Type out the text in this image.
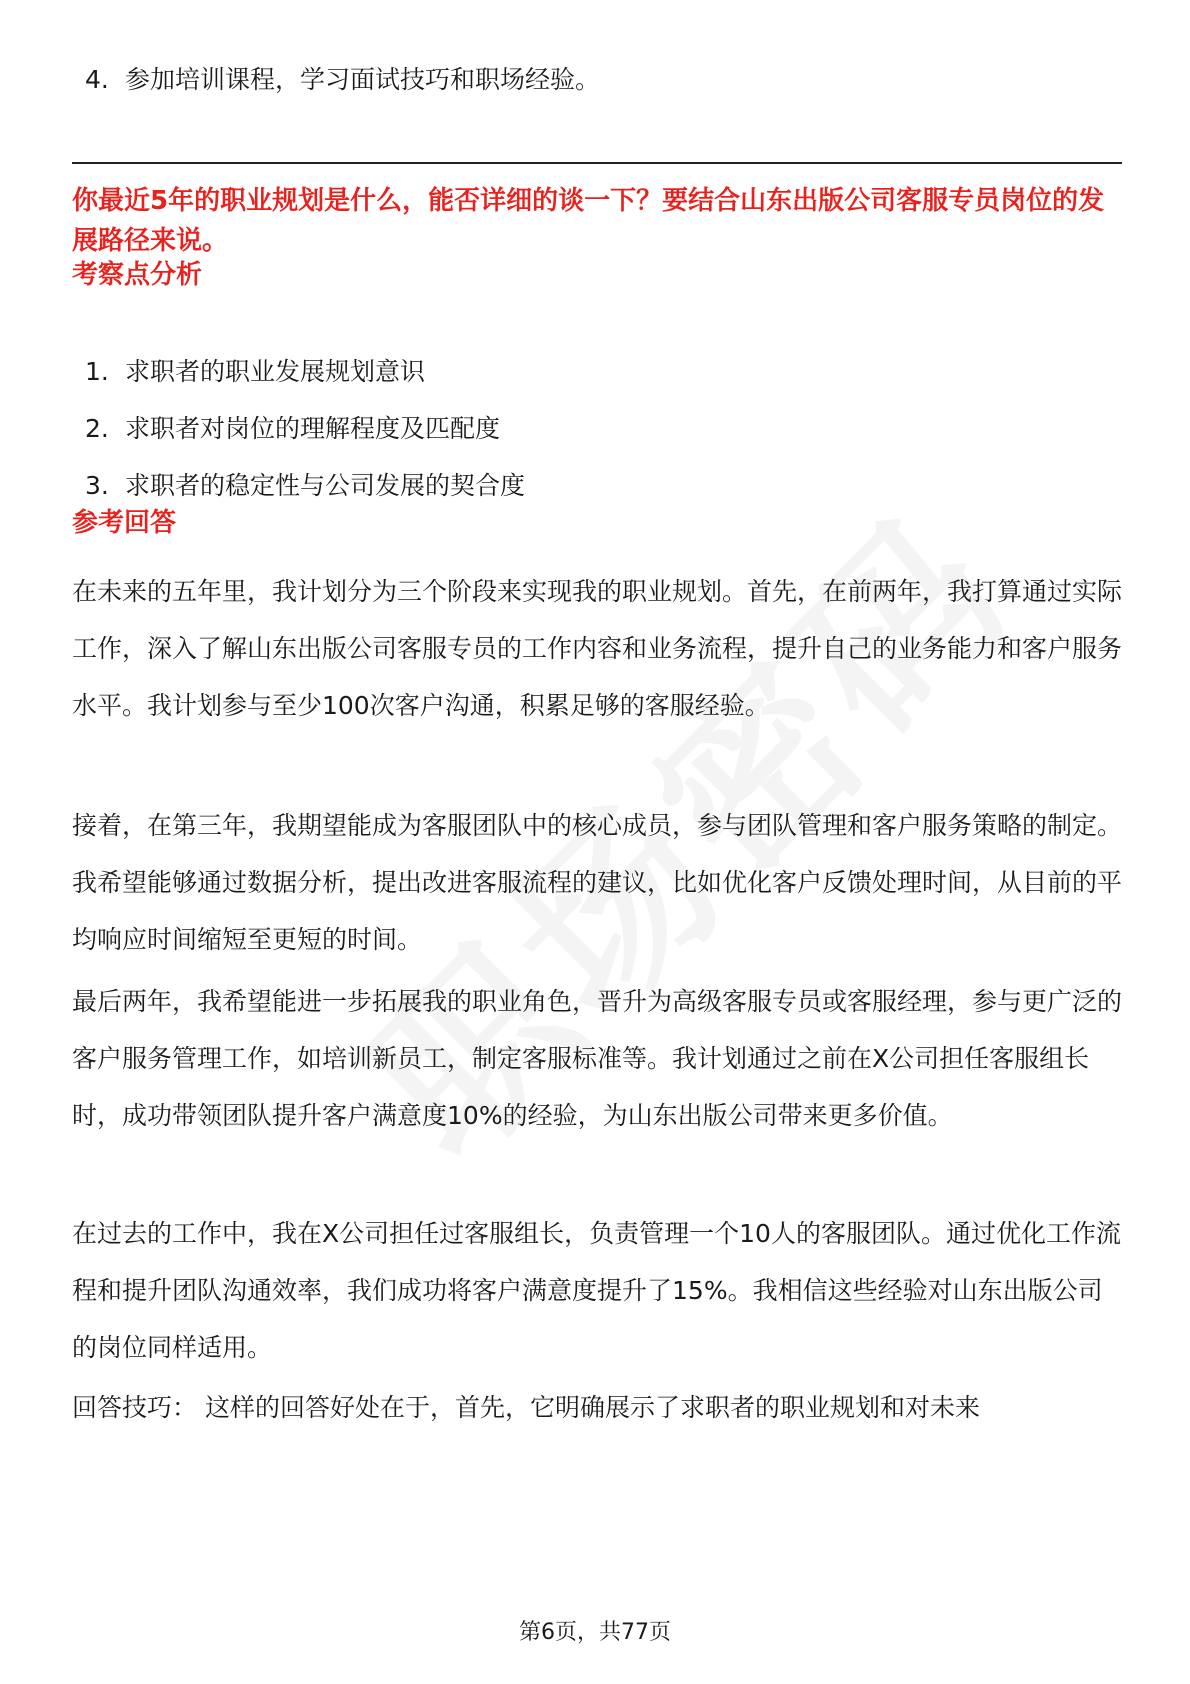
4. 参加培训课程，学习面试技巧和职场经验。
你最近5年的职业规划是什么，能否详细的谈一下？要结合山东出版公司客服专员岗位的发展路径来说。
考察点分析
1. 求职者的职业发展规划意识
2. 求职者对岗位的理解程度及匹配度
3. 求职者的稳定性与公司发展的契合度
参考回答

在未来的五年里，我计划分为三个阶段来实现我的职业规划。首先，在前两年，我打算通过实际工作，深入了解山东出版公司客服专员的工作内容和业务流程，提升自己的业务能力和客户服务水平。我计划参与至少100次客户沟通，积累足够的客服经验。

接着，在第三年，我期望能成为客服团队中的核心成员，参与团队管理和客户服务策略的制定。我希望能够通过数据分析，提出改进客服流程的建议，比如优化客户反馈处理时间，从目前的平均响应时间缩短至更短的时间。

最后两年，我希望能进一步拓展我的职业角色，晋升为高级客服专员或客服经理，参与更广泛的客户服务管理工作，如培训新员工，制定客服标准等。我计划通过之前在X公司担任客服组长时，成功带领团队提升客户满意度10%的经验，为山东出版公司带来更多价值。

在过去的工作中，我在X公司担任过客服组长，负责管理一个10人的客服团队。通过优化工作流程和提升团队沟通效率，我们成功将客户满意度提升了15%。我相信这些经验对山东出版公司的岗位同样适用。

回答技巧： 这样的回答好处在于，首先，它明确展示了求职者的职业规划和对未来

第6页，共77页
